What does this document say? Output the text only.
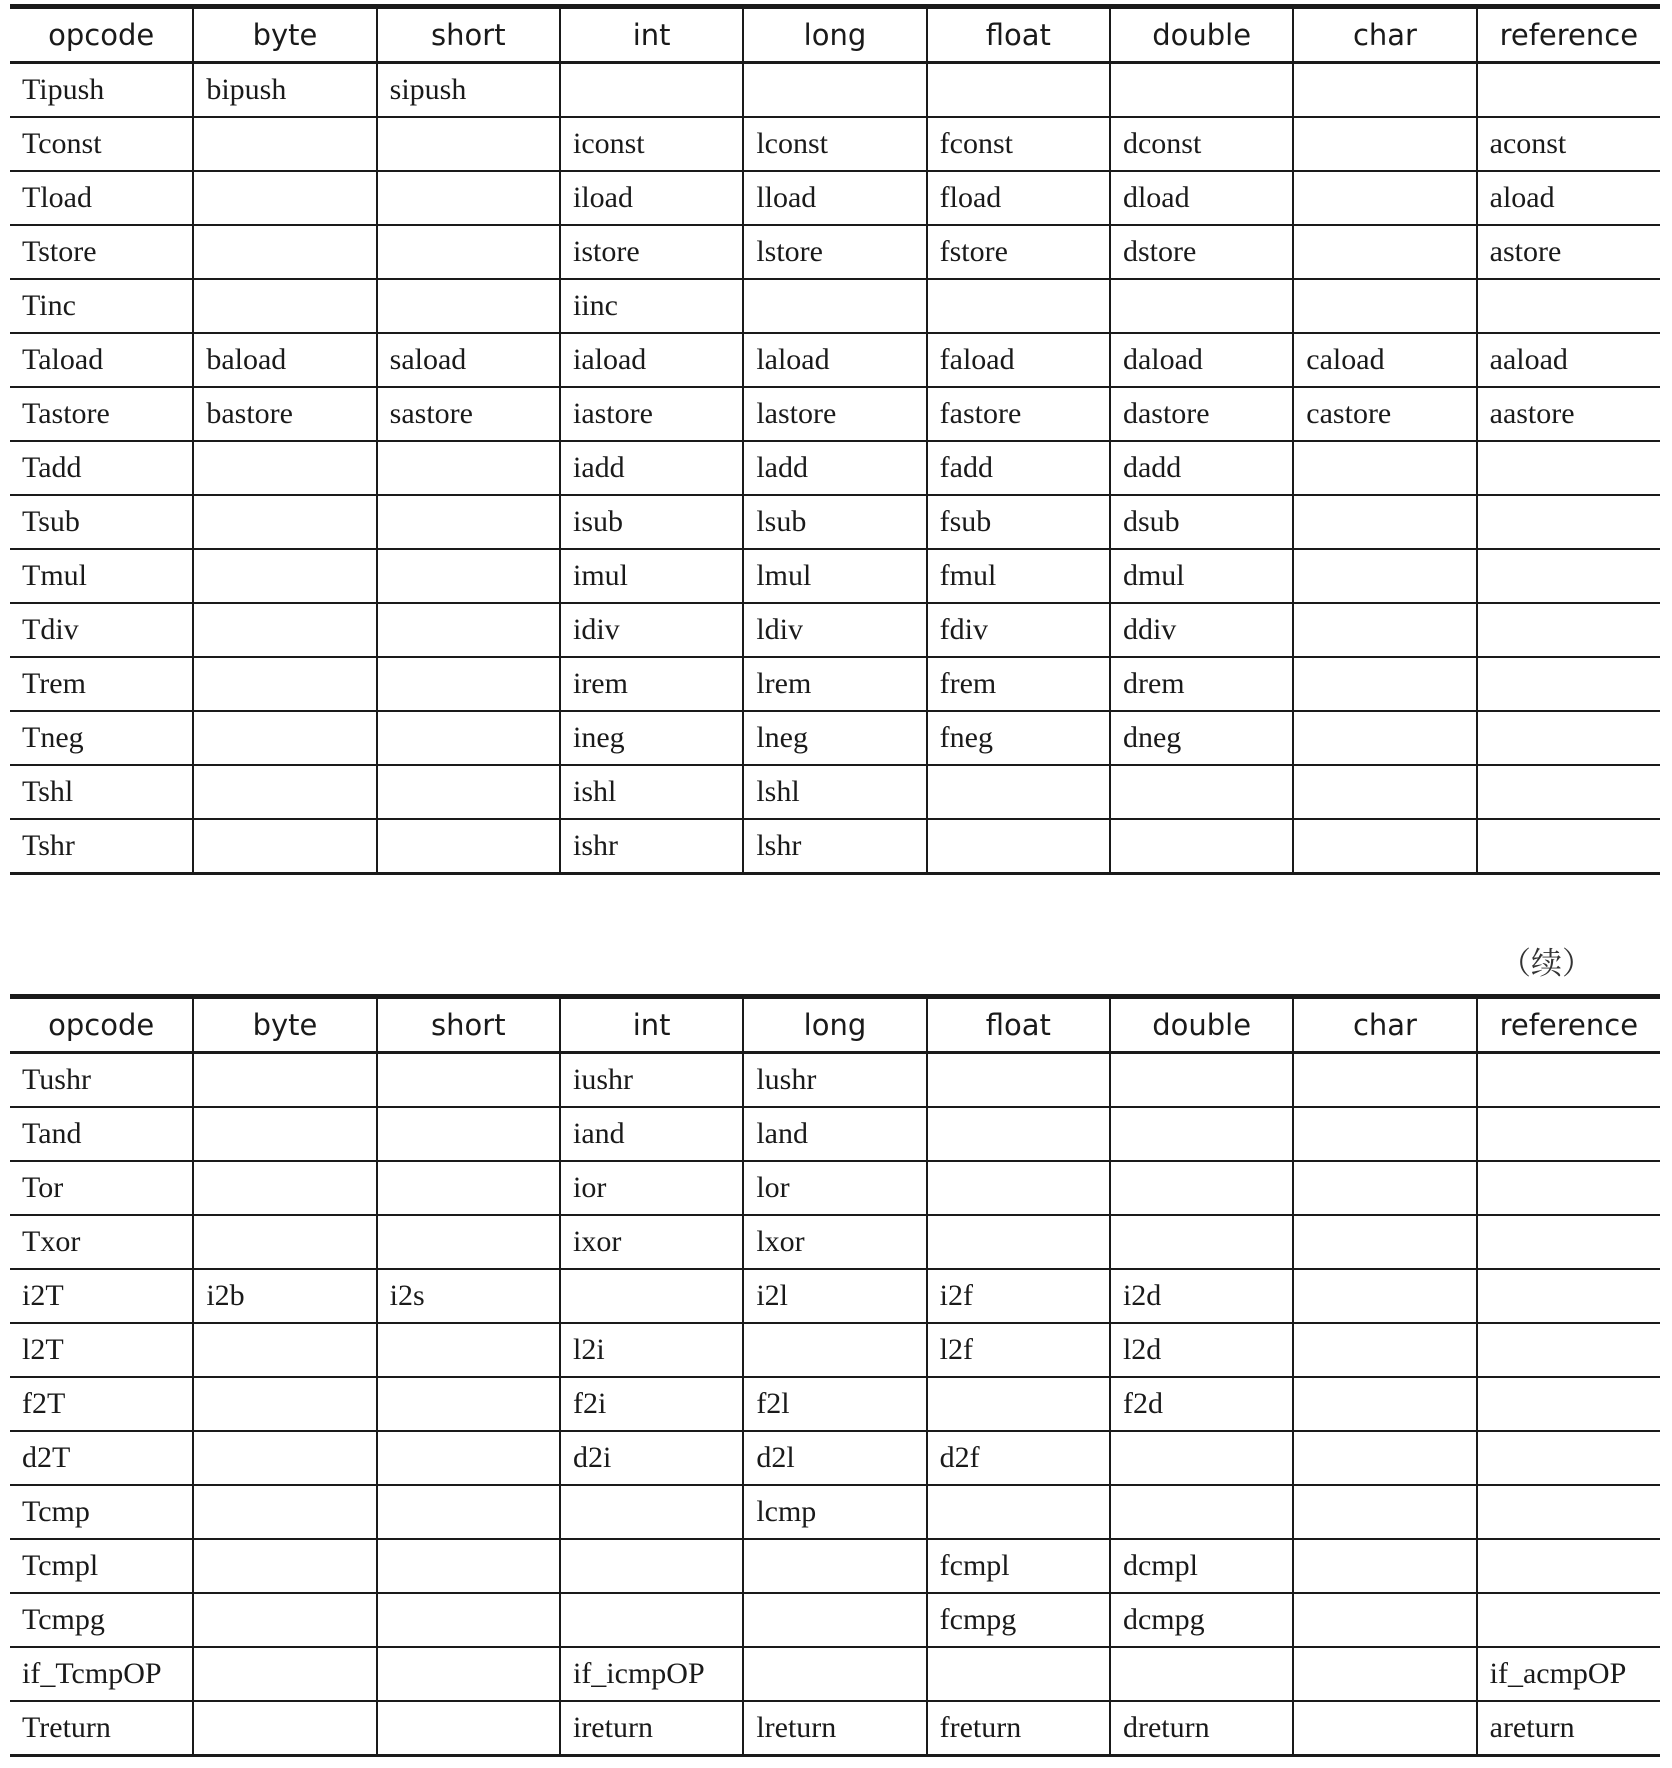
opcode	byte	short	int	long	float	double	char	reference
Tipush	bipush	sipush						
Tconst			iconst	lconst	fconst	dconst		aconst
Tload			iload	lload	fload	dload		aload
Tstore			istore	lstore	fstore	dstore		astore
Tinc			iinc					
Taload	baload	saload	iaload	laload	faload	daload	caload	aaload
Tastore	bastore	sastore	iastore	lastore	fastore	dastore	castore	aastore
Tadd			iadd	ladd	fadd	dadd		
Tsub			isub	lsub	fsub	dsub		
Tmul			imul	lmul	fmul	dmul		
Tdiv			idiv	ldiv	fdiv	ddiv		
Trem			irem	lrem	frem	drem		
Tneg			ineg	lneg	fneg	dneg		
Tshl			ishl	lshl				
Tshr			ishr	lshr				
（续）
opcode	byte	short	int	long	float	double	char	reference
Tushr			iushr	lushr				
Tand			iand	land				
Tor			ior	lor				
Txor			ixor	lxor				
i2T	i2b	i2s		i2l	i2f	i2d		
l2T			l2i		l2f	l2d		
f2T			f2i	f2l		f2d		
d2T			d2i	d2l	d2f			
Tcmp				lcmp				
Tcmpl					fcmpl	dcmpl		
Tcmpg					fcmpg	dcmpg		
if_TcmpOP			if_icmpOP					if_acmpOP
Treturn			ireturn	lreturn	freturn	dreturn		areturn
